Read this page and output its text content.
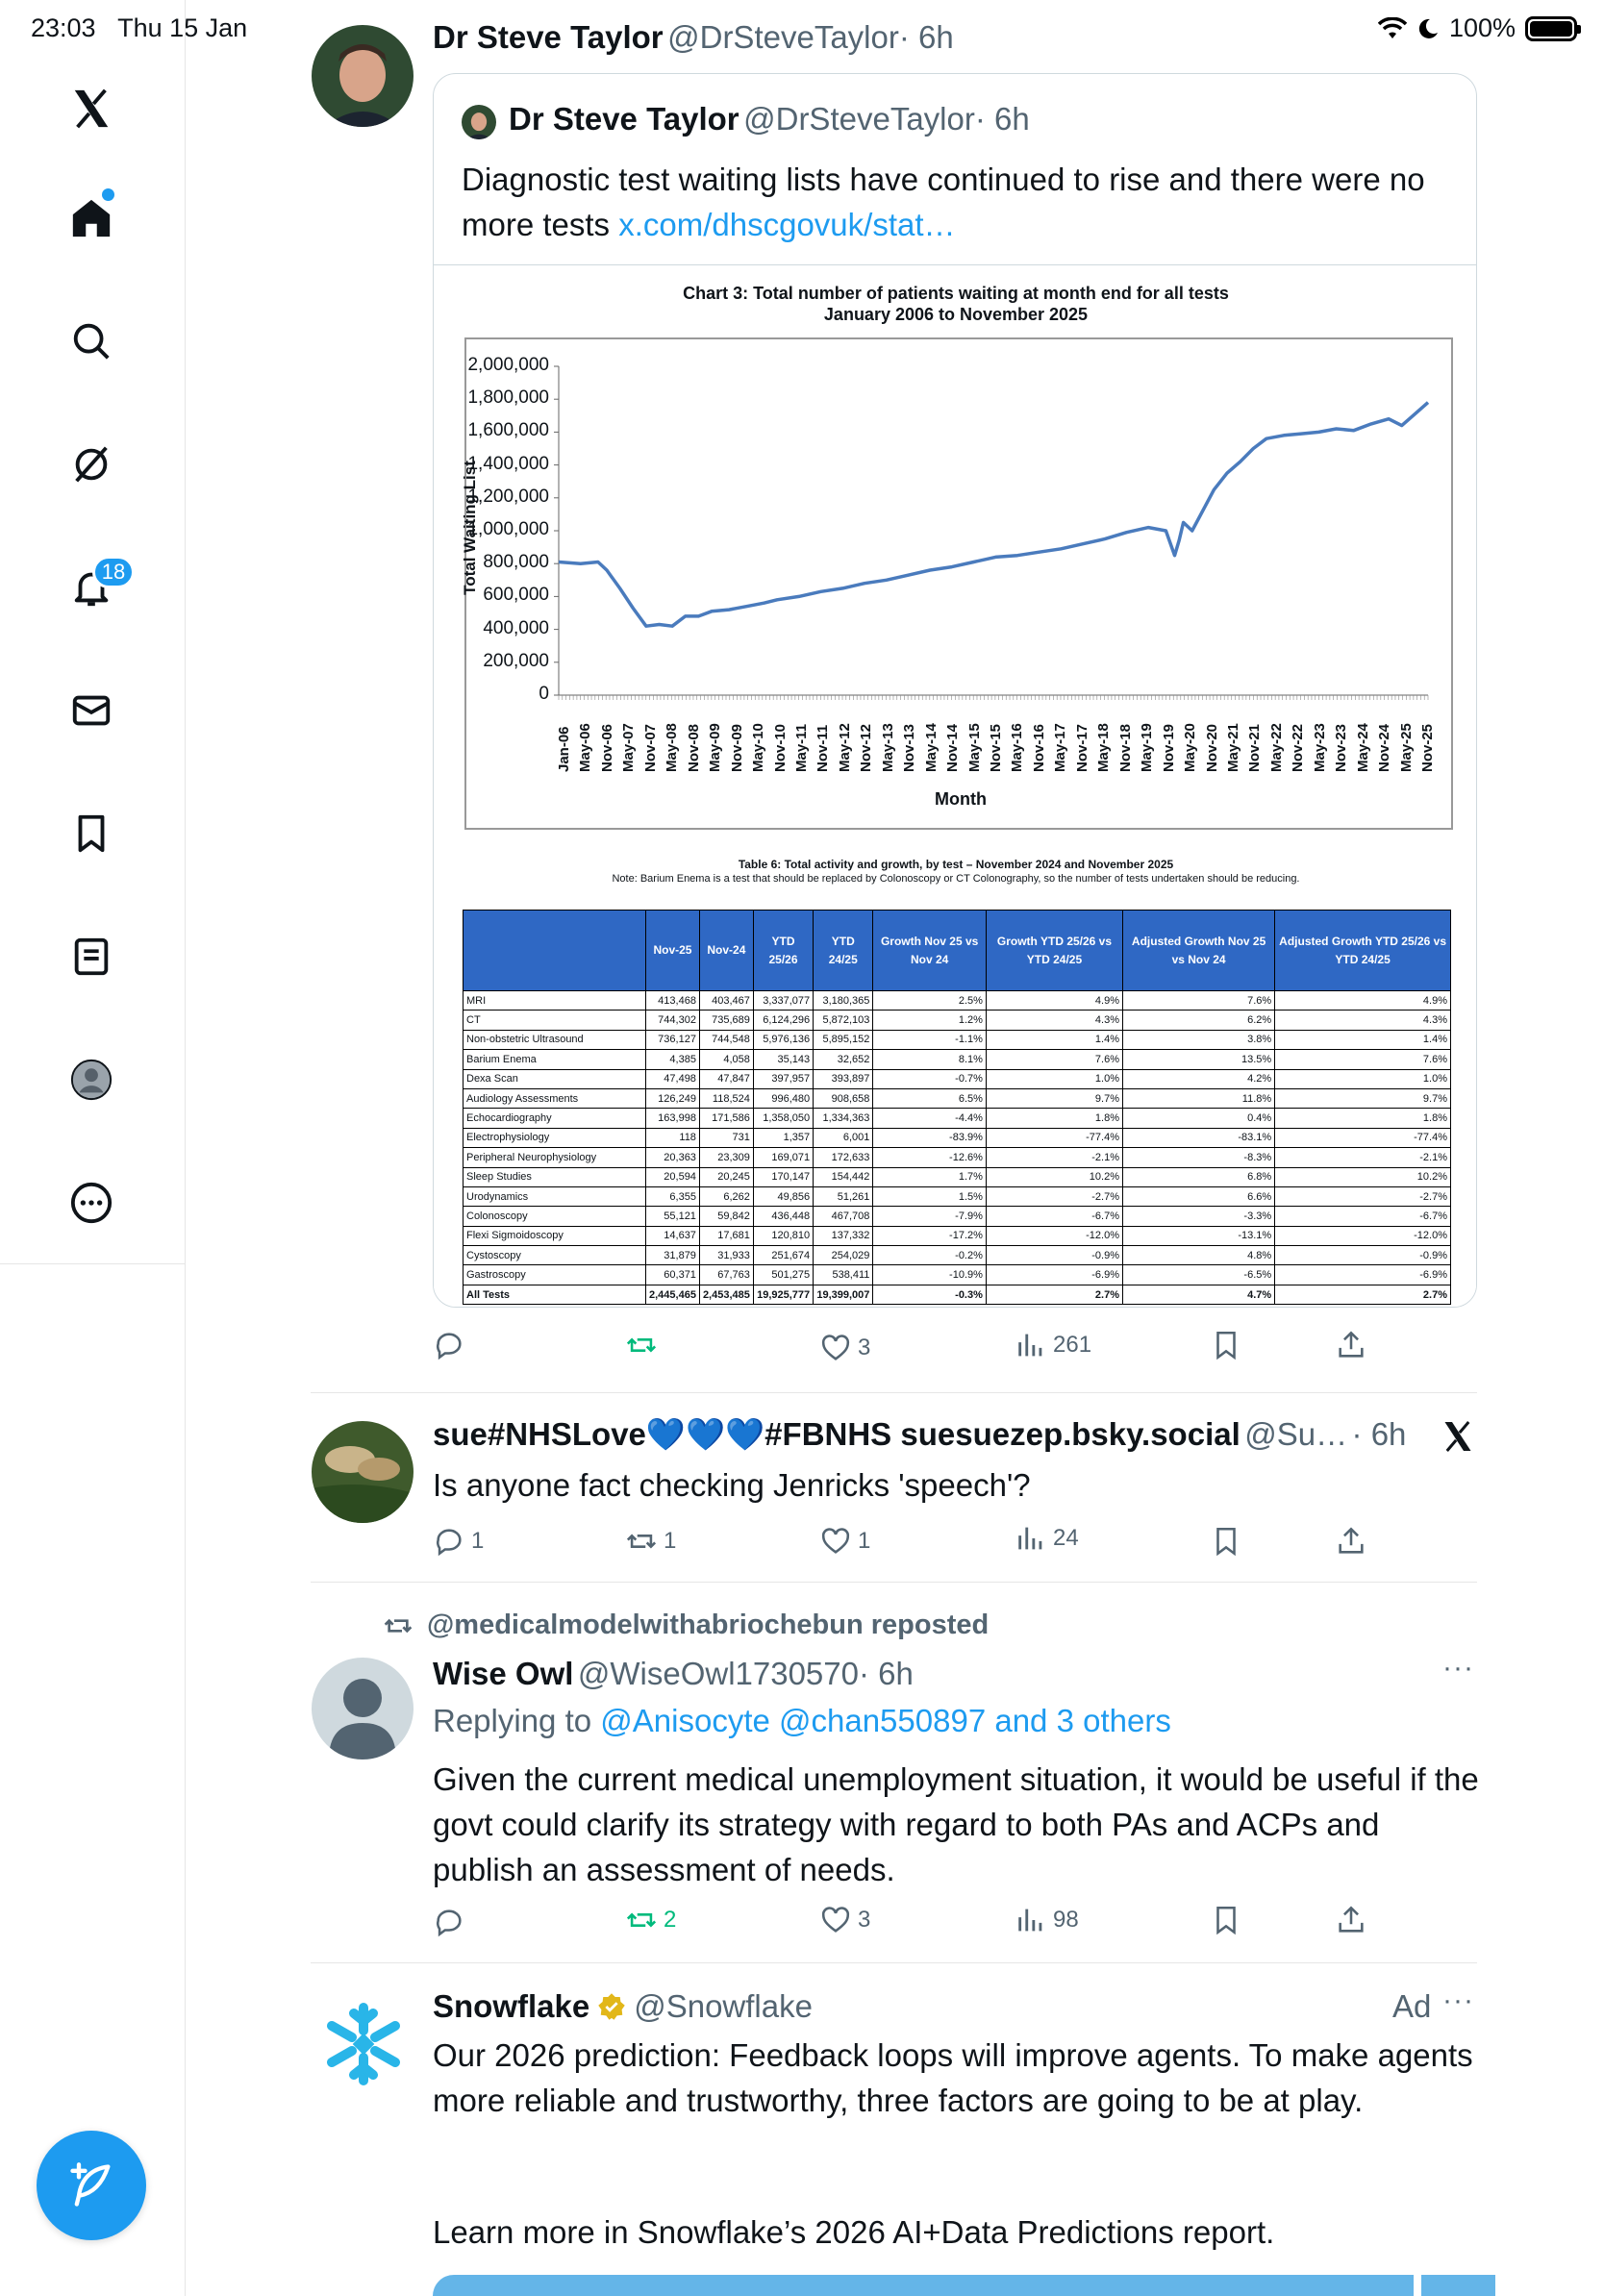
23:03 Thu 15 Jan	100%
18
Dr Steve Taylor @DrSteveTaylor· 6h
Dr Steve Taylor @DrSteveTaylor· 6h
Diagnostic test waiting lists have continued to rise and there were no more tests x.com/dhscgovuk/stat…
Chart 3: Total number of patients waiting at month end for all tests
January 2006 to November 2025
Total Waiting List
2,000,000
1,800,000
1,600,000
1,400,000
1,200,000
1,000,000
800,000
600,000
400,000
200,000
0
Jan-06 May-06 Nov-06 May-07 Nov-07 May-08 Nov-08 May-09 Nov-09 May-10 Nov-10 May-11 Nov-11 May-12 Nov-12 May-13 Nov-13 May-14 Nov-14 May-15 Nov-15 May-16 Nov-16 May-17 Nov-17 May-18 Nov-18 May-19 Nov-19 May-20 Nov-20 May-21 Nov-21 May-22 Nov-22 May-23 Nov-23 May-24 Nov-24 May-25 Nov-25
Month
Table 6: Total activity and growth, by test – November 2024 and November 2025
Note: Barium Enema is a test that should be replaced by Colonoscopy or CT Colonography, so the number of tests undertaken should be reducing.
	Nov-25	Nov-24	YTD 25/26	YTD 24/25	Growth Nov 25 vs Nov 24	Growth YTD 25/26 vs YTD 24/25	Adjusted Growth Nov 25 vs Nov 24	Adjusted Growth YTD 25/26 vs YTD 24/25
MRI	413,468	403,467	3,337,077	3,180,365	2.5%	4.9%	7.6%	4.9%
CT	744,302	735,689	6,124,296	5,872,103	1.2%	4.3%	6.2%	4.3%
Non-obstetric Ultrasound	736,127	744,548	5,976,136	5,895,152	-1.1%	1.4%	3.8%	1.4%
Barium Enema	4,385	4,058	35,143	32,652	8.1%	7.6%	13.5%	7.6%
Dexa Scan	47,498	47,847	397,957	393,897	-0.7%	1.0%	4.2%	1.0%
Audiology Assessments	126,249	118,524	996,480	908,658	6.5%	9.7%	11.8%	9.7%
Echocardiography	163,998	171,586	1,358,050	1,334,363	-4.4%	1.8%	0.4%	1.8%
Electrophysiology	118	731	1,357	6,001	-83.9%	-77.4%	-83.1%	-77.4%
Peripheral Neurophysiology	20,363	23,309	169,071	172,633	-12.6%	-2.1%	-8.3%	-2.1%
Sleep Studies	20,594	20,245	170,147	154,442	1.7%	10.2%	6.8%	10.2%
Urodynamics	6,355	6,262	49,856	51,261	1.5%	-2.7%	6.6%	-2.7%
Colonoscopy	55,121	59,842	436,448	467,708	-7.9%	-6.7%	-3.3%	-6.7%
Flexi Sigmoidoscopy	14,637	17,681	120,810	137,332	-17.2%	-12.0%	-13.1%	-12.0%
Cystoscopy	31,879	31,933	251,674	254,029	-0.2%	-0.9%	4.8%	-0.9%
Gastroscopy	60,371	67,763	501,275	538,411	-10.9%	-6.9%	-6.5%	-6.9%
All Tests	2,445,465	2,453,485	19,925,777	19,399,007	-0.3%	2.7%	4.7%	2.7%
3	261
sue#NHSLove💙💙💙#FBNHS suesuezep.bsky.social @Su… · 6h
Is anyone fact checking Jenricks 'speech'?
1	1	1	24
@medicalmodelwithabriochebun reposted
Wise Owl @WiseOwl1730570· 6h	···
Replying to @Anisocyte @chan550897 and 3 others
Given the current medical unemployment situation, it would be useful if the govt could clarify its strategy with regard to both PAs and ACPs and publish an assessment of needs.
2	3	98
Snowflake @Snowflake	Ad ···
Our 2026 prediction: Feedback loops will improve agents. To make agents more reliable and trustworthy, three factors are going to be at play.
Learn more in Snowflake’s 2026 AI+Data Predictions report.
